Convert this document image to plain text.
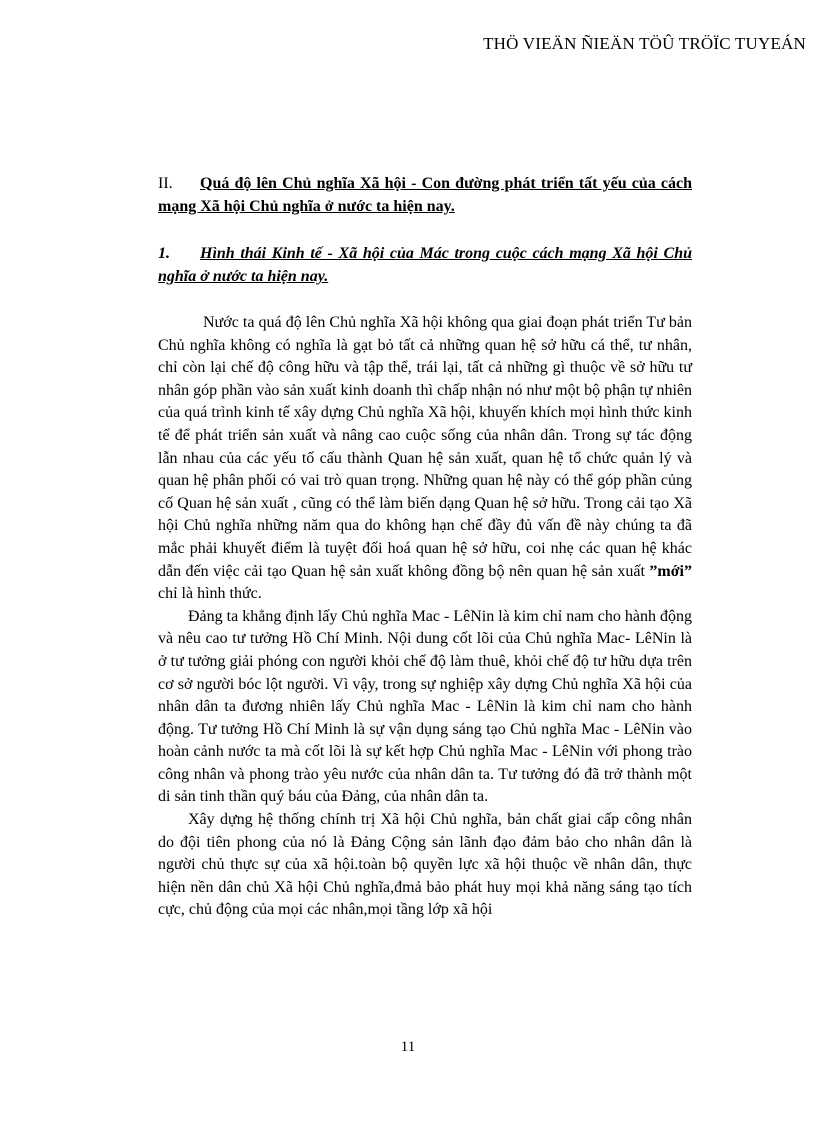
THÖ VIEÄN ÑIEÄN TÖÛ TRÖÏC TUYEÁN

II. Quá độ lên Chủ nghĩa Xã hội - Con đường phát triển tất yếu của cách mạng Xã hội Chủ nghĩa ở nước ta hiện nay.

1. Hình thái Kinh tế - Xã hội của Mác trong cuộc cách mạng Xã hội Chủ nghĩa ở nước ta hiện nay.

Nước ta quá độ lên Chủ nghĩa Xã hội không qua giai đoạn phát triển Tư bản Chủ nghĩa không có nghĩa là gạt bỏ tất cả những quan hệ sở hữu cá thể, tư nhân, chỉ còn lại chế độ công hữu và tập thể, trái lại, tất cả những gì thuộc về sở hữu tư nhân góp phần vào sản xuất kinh doanh thì chấp nhận nó như một bộ phận tự nhiên của quá trình kinh tế xây dựng Chủ nghĩa Xã hội, khuyến khích mọi hình thức kinh tế để phát triển sản xuất và nâng cao cuộc sống của nhân dân. Trong sự tác động lẫn nhau của các yếu tố cấu thành Quan hệ sản xuất, quan hệ tổ chức quản lý và quan hệ phân phối có vai trò quan trọng. Những quan hệ này có thể góp phần củng cố Quan hệ sản xuất , cũng có thể làm biến dạng Quan hệ sở hữu. Trong cải tạo Xã hội Chủ nghĩa những năm qua do không hạn chế đầy đủ vấn đề này chúng ta đã mắc phải khuyết điểm là tuyệt đối hoá quan hệ sở hữu, coi nhẹ các quan hệ khác dẫn đến việc cải tạo Quan hệ sản xuất không đồng bộ nên quan hệ sản xuất ”mới” chỉ là hình thức.

Đảng ta khẳng định lấy Chủ nghĩa Mac - LêNin là kim chỉ nam cho hành động và nêu cao tư tưởng Hồ Chí Minh. Nội dung cốt lõi của Chủ nghĩa Mac- LêNin là ở tư tưởng giải phóng con người khỏi chế độ làm thuê, khỏi chế độ tư hữu dựa trên cơ sở người bóc lột người. Vì vậy, trong sự nghiệp xây dựng Chủ nghĩa Xã hội của nhân dân ta đương nhiên lấy Chủ nghĩa Mac - LêNin là kim chỉ nam cho hành động. Tư tưởng Hồ Chí Minh là sự vận dụng sáng tạo Chủ nghĩa Mac - LêNin vào hoàn cảnh nước ta mà cốt lõi là sự kết hợp Chủ nghĩa Mac - LêNin với phong trào công nhân và phong trào yêu nước của nhân dân ta. Tư tưởng đó đã trở thành một di sản tinh thần quý báu của Đảng, của nhân dân ta.

Xây dựng hệ thống chính trị Xã hội Chủ nghĩa, bản chất giai cấp công nhân do đội tiên phong của nó là Đảng Cộng sản lãnh đạo đảm bảo cho nhân dân là người chủ thực sự của xã hội.toàn bộ quyền lực xã hội thuộc về nhân dân, thực hiện nền dân chủ Xã hội Chủ nghĩa,đmả bảo phát huy mọi khả năng sáng tạo tích cực, chủ động của mọi các nhân,mọi tầng lớp xã hội

11
